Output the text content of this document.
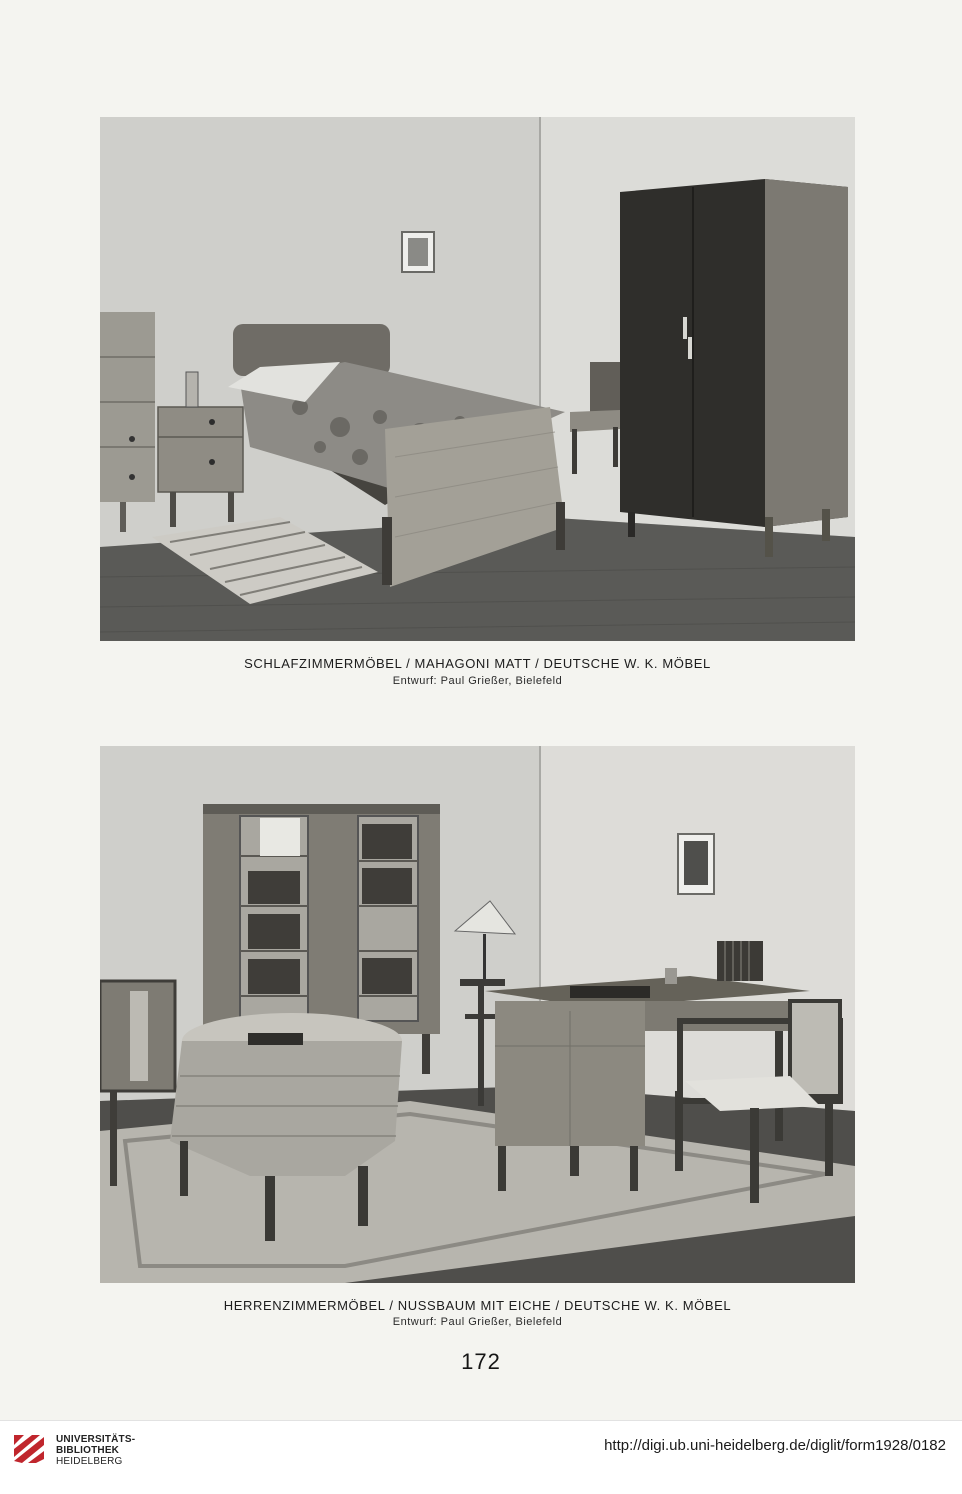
SCHLAFZIMMERMÖBEL / MAHAGONI MATT / DEUTSCHE W. K. MÖBEL
Entwurf: Paul Grießer, Bielefeld
HERRENZIMMERMÖBEL / NUSSBAUM MIT EICHE / DEUTSCHE W. K. MÖBEL
Entwurf: Paul Grießer, Bielefeld
172
UNIVERSITÄTS-
BIBLIOTHEK
HEIDELBERG
http://digi.ub.uni-heidelberg.de/diglit/form1928/0182
